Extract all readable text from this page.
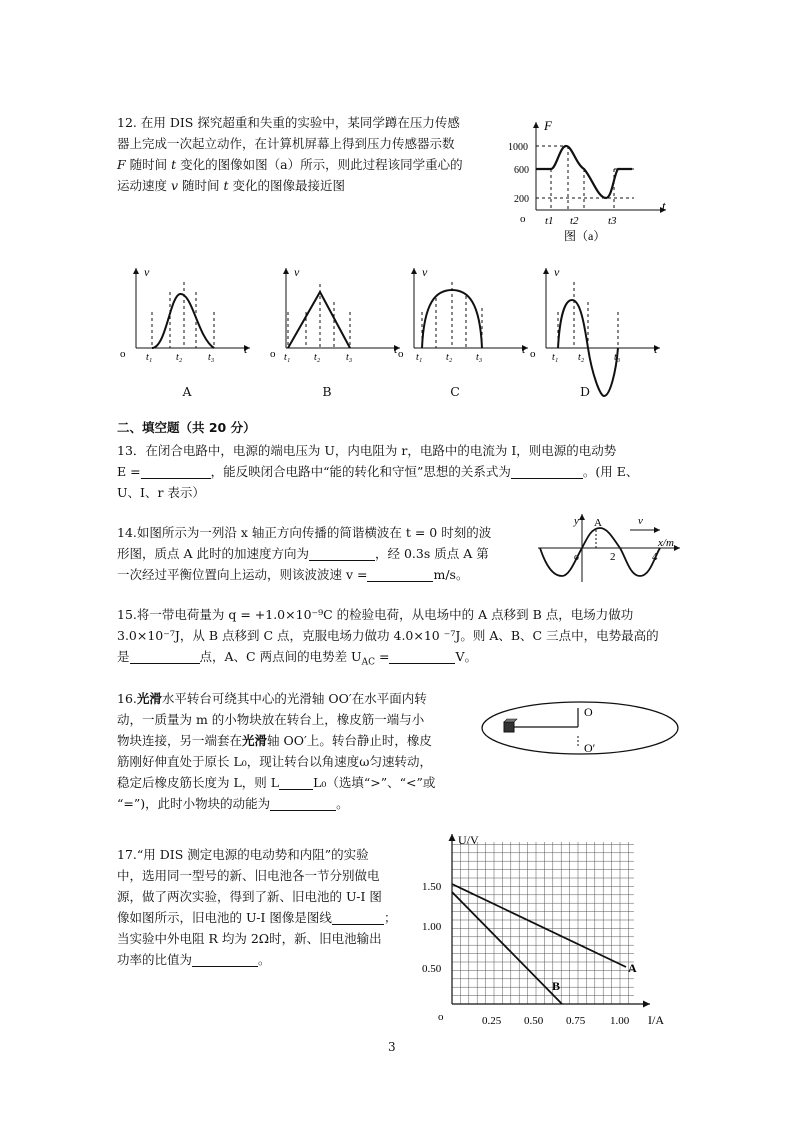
12. 在用 DIS 探究超重和失重的实验中，某同学蹲在压力传感
器上完成一次起立动作，在计算机屏幕上得到压力传感器示数
F 随时间 t 变化的图像如图（a）所示，则此过程该同学重心的
运动速度 v 随时间 t 变化的图像最接近图
F
t
o
1000
600
200
t1 t2	t3
图（a）
v
t
o t₁ t₂	t₃
A
v
t
o t₁ t₂	t₃
B
v
t
o t₁ t₂ t₃
C
v
t
o t₁ t₂	t₃
D
二、填空题（共 20 分）
13．在闭合电路中，电源的端电压为 U，内电阻为 r，电路中的电流为 I，则电源的电动势
E =	，能反映闭合电路中“能的转化和守恒”思想的关系式为	。(用 E、
U、I、r 表示）
14.如图所示为一列沿 x 轴正方向传播的简谐横波在 t = 0 时刻的波
形图，质点 A 此时的加速度方向为	，经 0.3s 质点 A 第
一次经过平衡位置向上运动，则该波波速 v =	m/s。
y
x/m
A	v
o	2	4
15.将一带电荷量为 q = +1.0×10⁻⁹C 的检验电荷，从电场中的 A 点移到 B 点，电场力做功
3.0×10⁻⁷J，从 B 点移到 C 点，克服电场力做功 4.0×10 ⁻⁷J。则 A、B、C 三点中，电势最高的
是	点，A、C 两点间的电势差 $U_{AC}$ =	V。
16.光滑水平转台可绕其中心的光滑轴 OO′在水平面内转
动，一质量为 m 的小物块放在转台上，橡皮筋一端与小
物块连接，另一端套在光滑轴 OO′上。转台静止时，橡皮
筋刚好伸直处于原长 L₀，现让转台以角速度ω匀速转动，
稳定后橡皮筋长度为 L，则 L	L₀（选填“>”、“<”或
“=”)，此时小物块的动能为	。
O
O′
17.“用 DIS 测定电源的电动势和内阻”的实验
中，选用同一型号的新、旧电池各一节分别做电
源，做了两次实验，得到了新、旧电池的 U-I 图
像如图所示，旧电池的 U-I 图像是图线	；
当实验中外电阻 R 均为 2Ω时，新、旧电池输出
功率的比值为	。
U/V
I/A
o
1.50
1.00
0.50
0.25 0.50 0.75 1.00
A
B
3
